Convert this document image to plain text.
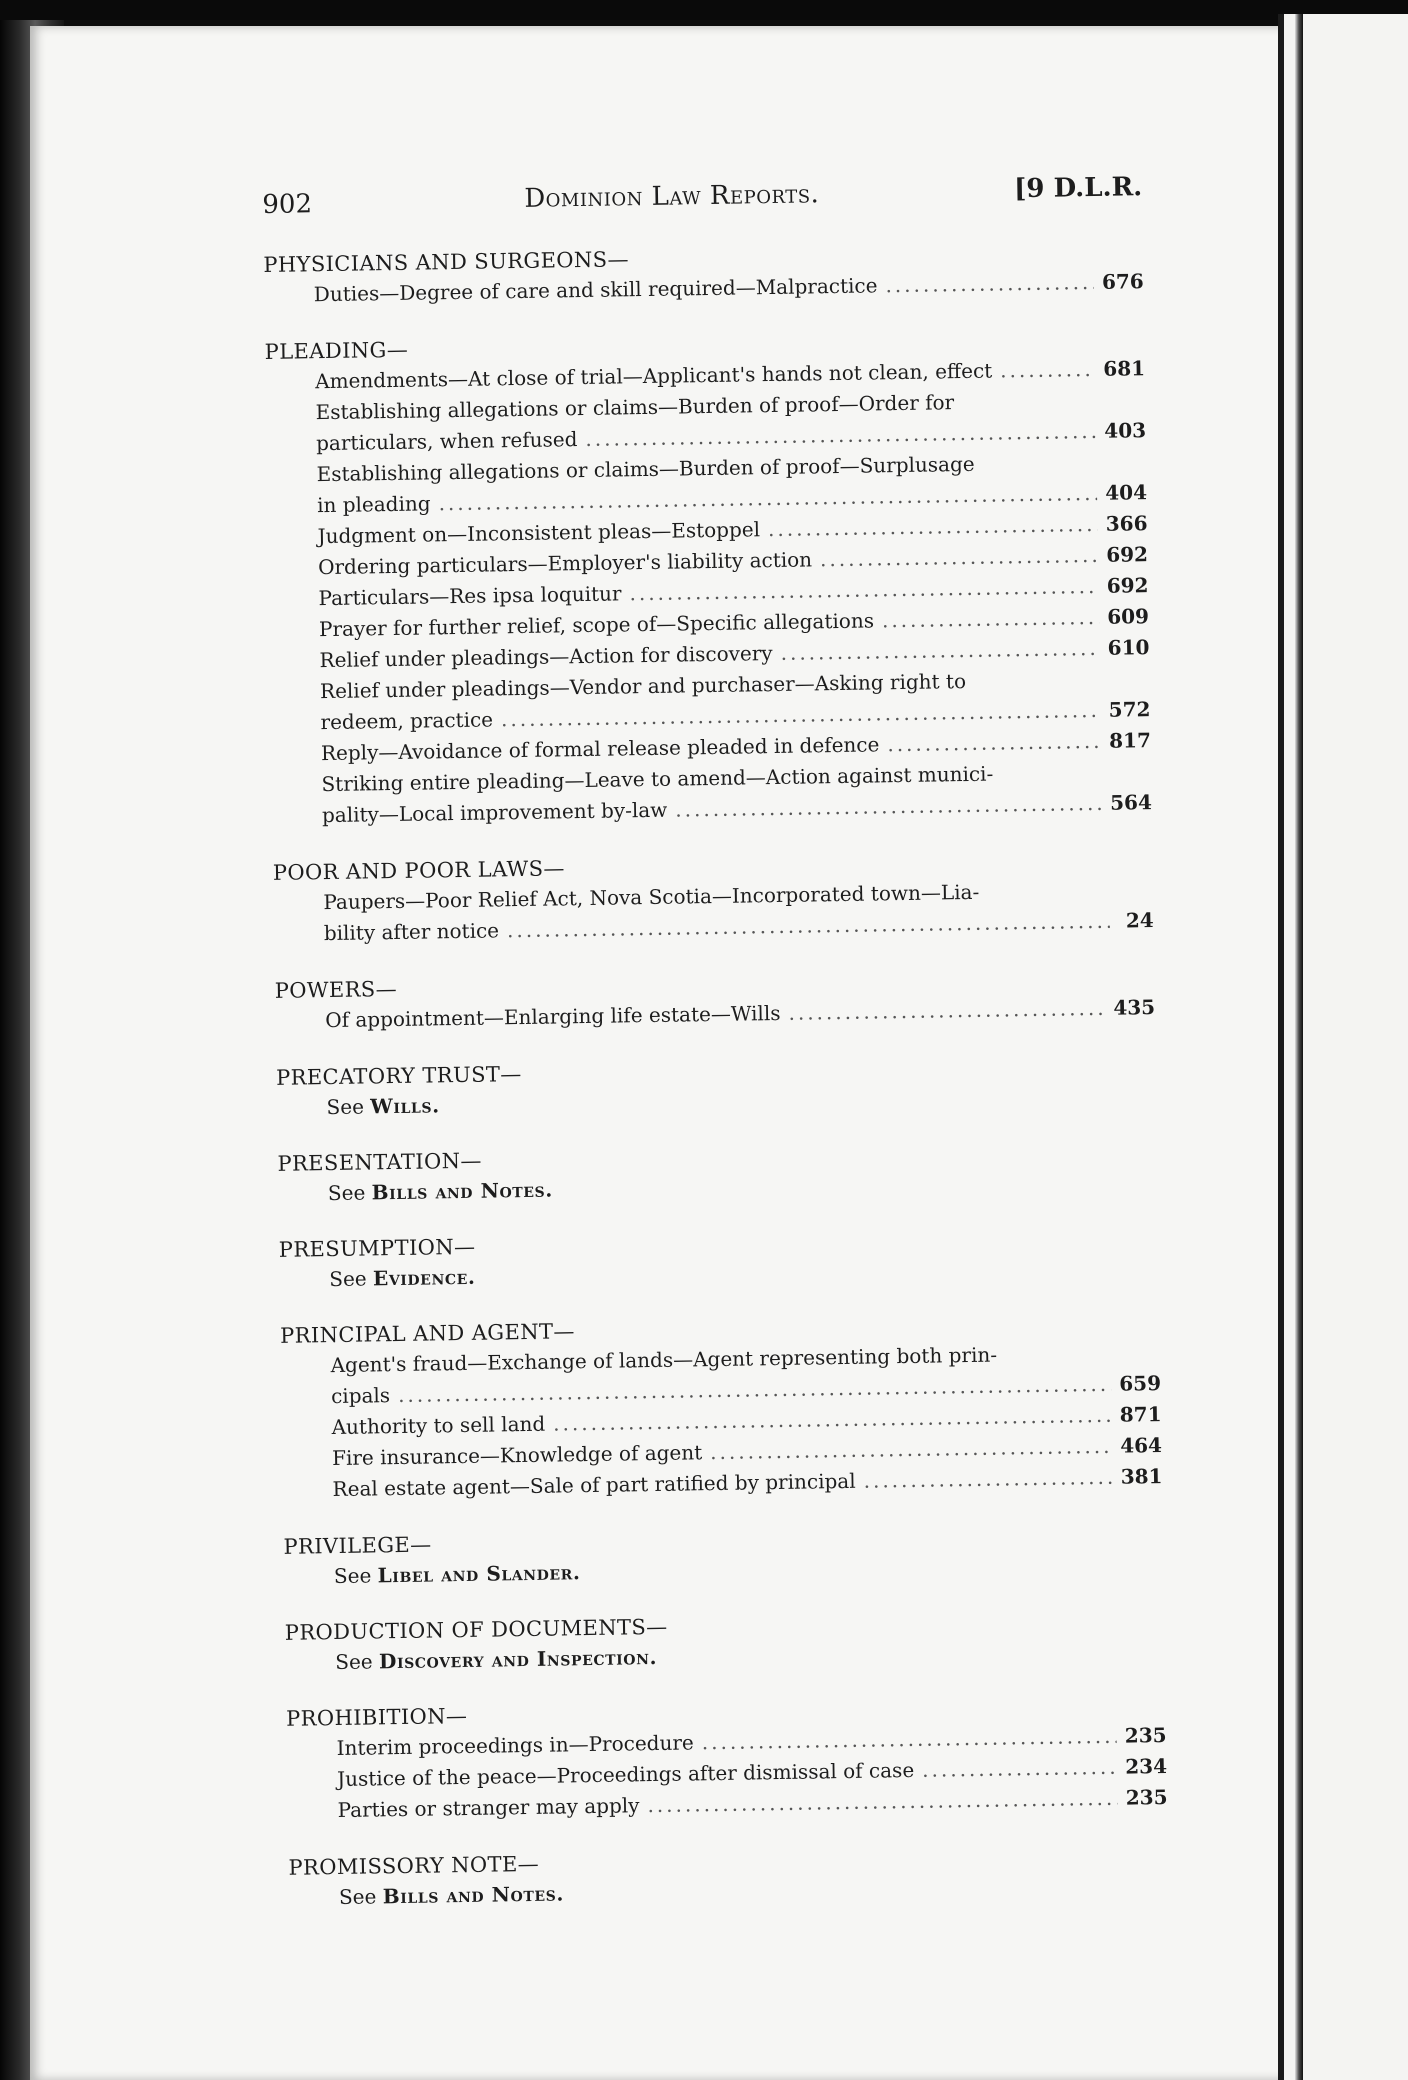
902	Dominion Law Reports.	[9 D.L.R.
PHYSICIANS AND SURGEONS—
Duties—Degree of care and skill required—Malpractice .....	676
PLEADING—
Amendments—At close of trial—Applicant's hands not clean, effect .....	681
Establishing allegations or claims—Burden of proof—Order for
particulars, when refused .....	403
Establishing allegations or claims—Burden of proof—Surplusage
in pleading .....	404
Judgment on—Inconsistent pleas—Estoppel .....	366
Ordering particulars—Employer's liability action .....	692
Particulars—Res ipsa loquitur .....	692
Prayer for further relief, scope of—Specific allegations .....	609
Relief under pleadings—Action for discovery .....	610
Relief under pleadings—Vendor and purchaser—Asking right to
redeem, practice .....	572
Reply—Avoidance of formal release pleaded in defence .....	817
Striking entire pleading—Leave to amend—Action against munici-
pality—Local improvement by-law .....	564
POOR AND POOR LAWS—
Paupers—Poor Relief Act, Nova Scotia—Incorporated town—Lia-
bility after notice .....	24
POWERS—
Of appointment—Enlarging life estate—Wills .....	435
PRECATORY TRUST—
See Wills.
PRESENTATION—
See Bills and Notes.
PRESUMPTION—
See Evidence.
PRINCIPAL AND AGENT—
Agent's fraud—Exchange of lands—Agent representing both prin-
cipals .....	659
Authority to sell land .....	871
Fire insurance—Knowledge of agent .....	464
Real estate agent—Sale of part ratified by principal .....	381
PRIVILEGE—
See Libel and Slander.
PRODUCTION OF DOCUMENTS—
See Discovery and Inspection.
PROHIBITION—
Interim proceedings in—Procedure .....	235
Justice of the peace—Proceedings after dismissal of case .....	234
Parties or stranger may apply .....	235
PROMISSORY NOTE—
See Bills and Notes.
